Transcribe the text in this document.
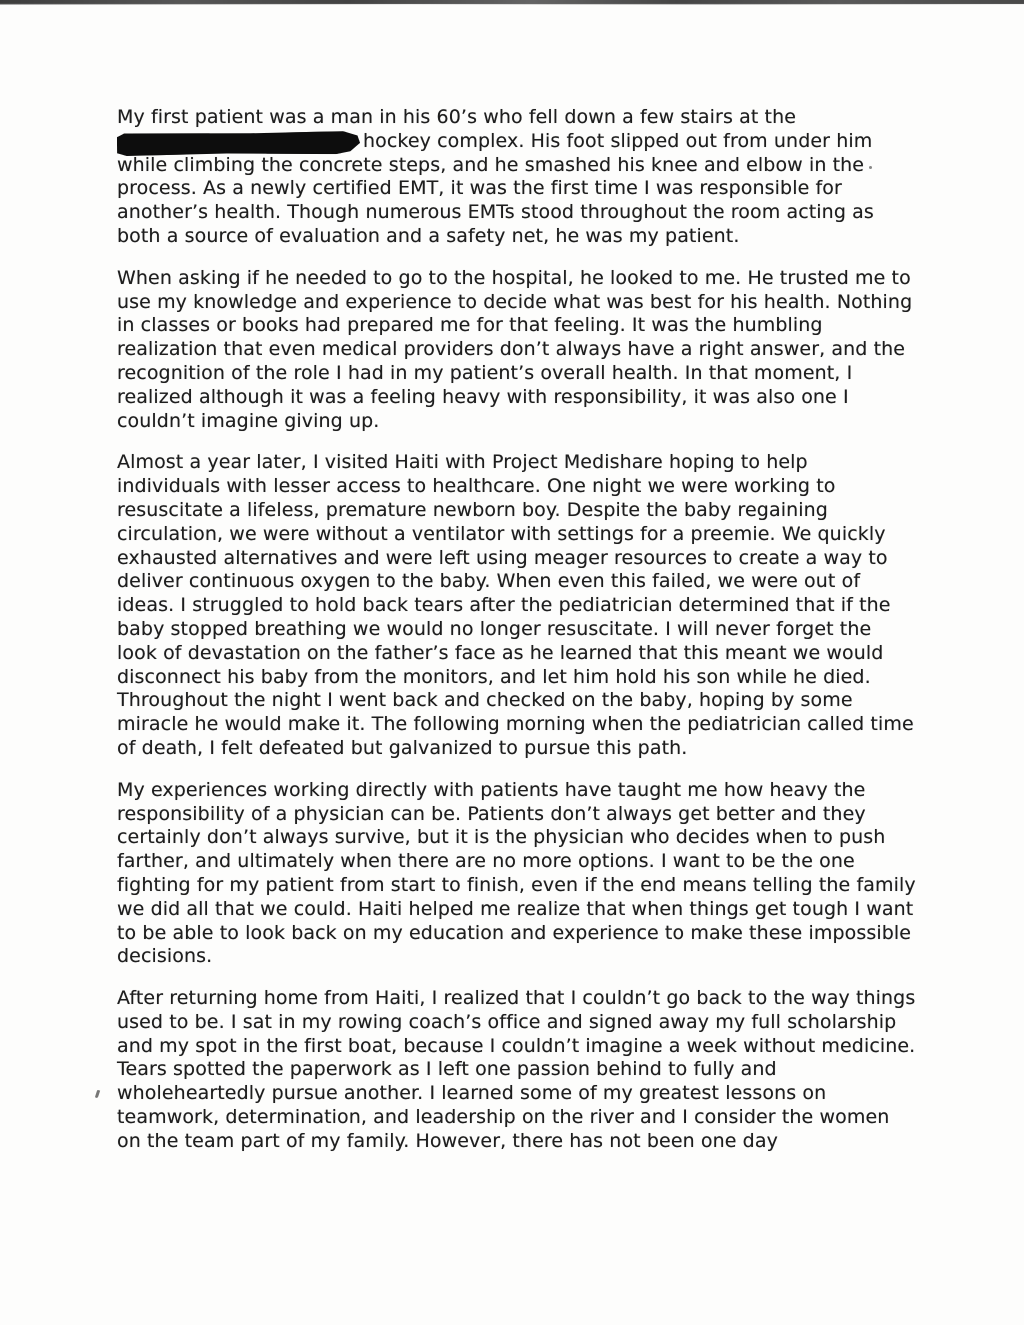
My first patient was a man in his 60’s who fell down a few stairs at the
hockey complex. His foot slipped out from under him while climbing the concrete steps, and he smashed his knee and elbow in the process. As a newly certified EMT, it was the first time I was responsible for another’s health. Though numerous EMTs stood throughout the room acting as both a source of evaluation and a safety net, he was my patient.

When asking if he needed to go to the hospital, he looked to me. He trusted me to use my knowledge and experience to decide what was best for his health. Nothing in classes or books had prepared me for that feeling. It was the humbling realization that even medical providers don’t always have a right answer, and the recognition of the role I had in my patient’s overall health. In that moment, I realized although it was a feeling heavy with responsibility, it was also one I couldn’t imagine giving up.

Almost a year later, I visited Haiti with Project Medishare hoping to help individuals with lesser access to healthcare. One night we were working to resuscitate a lifeless, premature newborn boy. Despite the baby regaining circulation, we were without a ventilator with settings for a preemie. We quickly exhausted alternatives and were left using meager resources to create a way to deliver continuous oxygen to the baby. When even this failed, we were out of ideas. I struggled to hold back tears after the pediatrician determined that if the baby stopped breathing we would no longer resuscitate. I will never forget the look of devastation on the father’s face as he learned that this meant we would disconnect his baby from the monitors, and let him hold his son while he died. Throughout the night I went back and checked on the baby, hoping by some miracle he would make it. The following morning when the pediatrician called time of death, I felt defeated but galvanized to pursue this path.

My experiences working directly with patients have taught me how heavy the responsibility of a physician can be. Patients don’t always get better and they certainly don’t always survive, but it is the physician who decides when to push farther, and ultimately when there are no more options. I want to be the one fighting for my patient from start to finish, even if the end means telling the family we did all that we could. Haiti helped me realize that when things get tough I want to be able to look back on my education and experience to make these impossible decisions.

After returning home from Haiti, I realized that I couldn’t go back to the way things used to be. I sat in my rowing coach’s office and signed away my full scholarship and my spot in the first boat, because I couldn’t imagine a week without medicine. Tears spotted the paperwork as I left one passion behind to fully and wholeheartedly pursue another. I learned some of my greatest lessons on teamwork, determination, and leadership on the river and I consider the women on the team part of my family. However, there has not been one day
